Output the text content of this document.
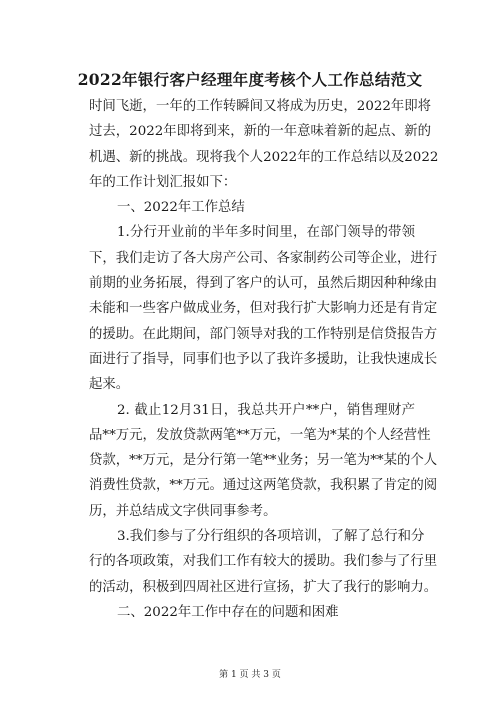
2022年银行客户经理年度考核个人工作总结范文
时间飞逝，一年的工作转瞬间又将成为历史，2022年即将
过去，2022年即将到来，新的一年意味着新的起点、新的
机遇、新的挑战。现将我个人2022年的工作总结以及2022
年的工作计划汇报如下：
一、2022年工作总结
1.分行开业前的半年多时间里，在部门领导的带领
下，我们走访了各大房产公司、各家制药公司等企业，进行
前期的业务拓展，得到了客户的认可，虽然后期因种种缘由
未能和一些客户做成业务，但对我行扩大影响力还是有肯定
的援助。在此期间，部门领导对我的工作特别是信贷报告方
面进行了指导，同事们也予以了我许多援助，让我快速成长
起来。
2. 截止12月31日，我总共开户**户，销售理财产
品**万元，发放贷款两笔**万元，一笔为*某的个人经营性
贷款，**万元，是分行第一笔**业务；另一笔为**某的个人
消费性贷款，**万元。通过这两笔贷款，我积累了肯定的阅
历，并总结成文字供同事参考。
3.我们参与了分行组织的各项培训，了解了总行和分
行的各项政策，对我们工作有较大的援助。我们参与了行里
的活动，积极到四周社区进行宣扬，扩大了我行的影响力。
二、2022年工作中存在的问题和困难
第 1 页 共 3 页
